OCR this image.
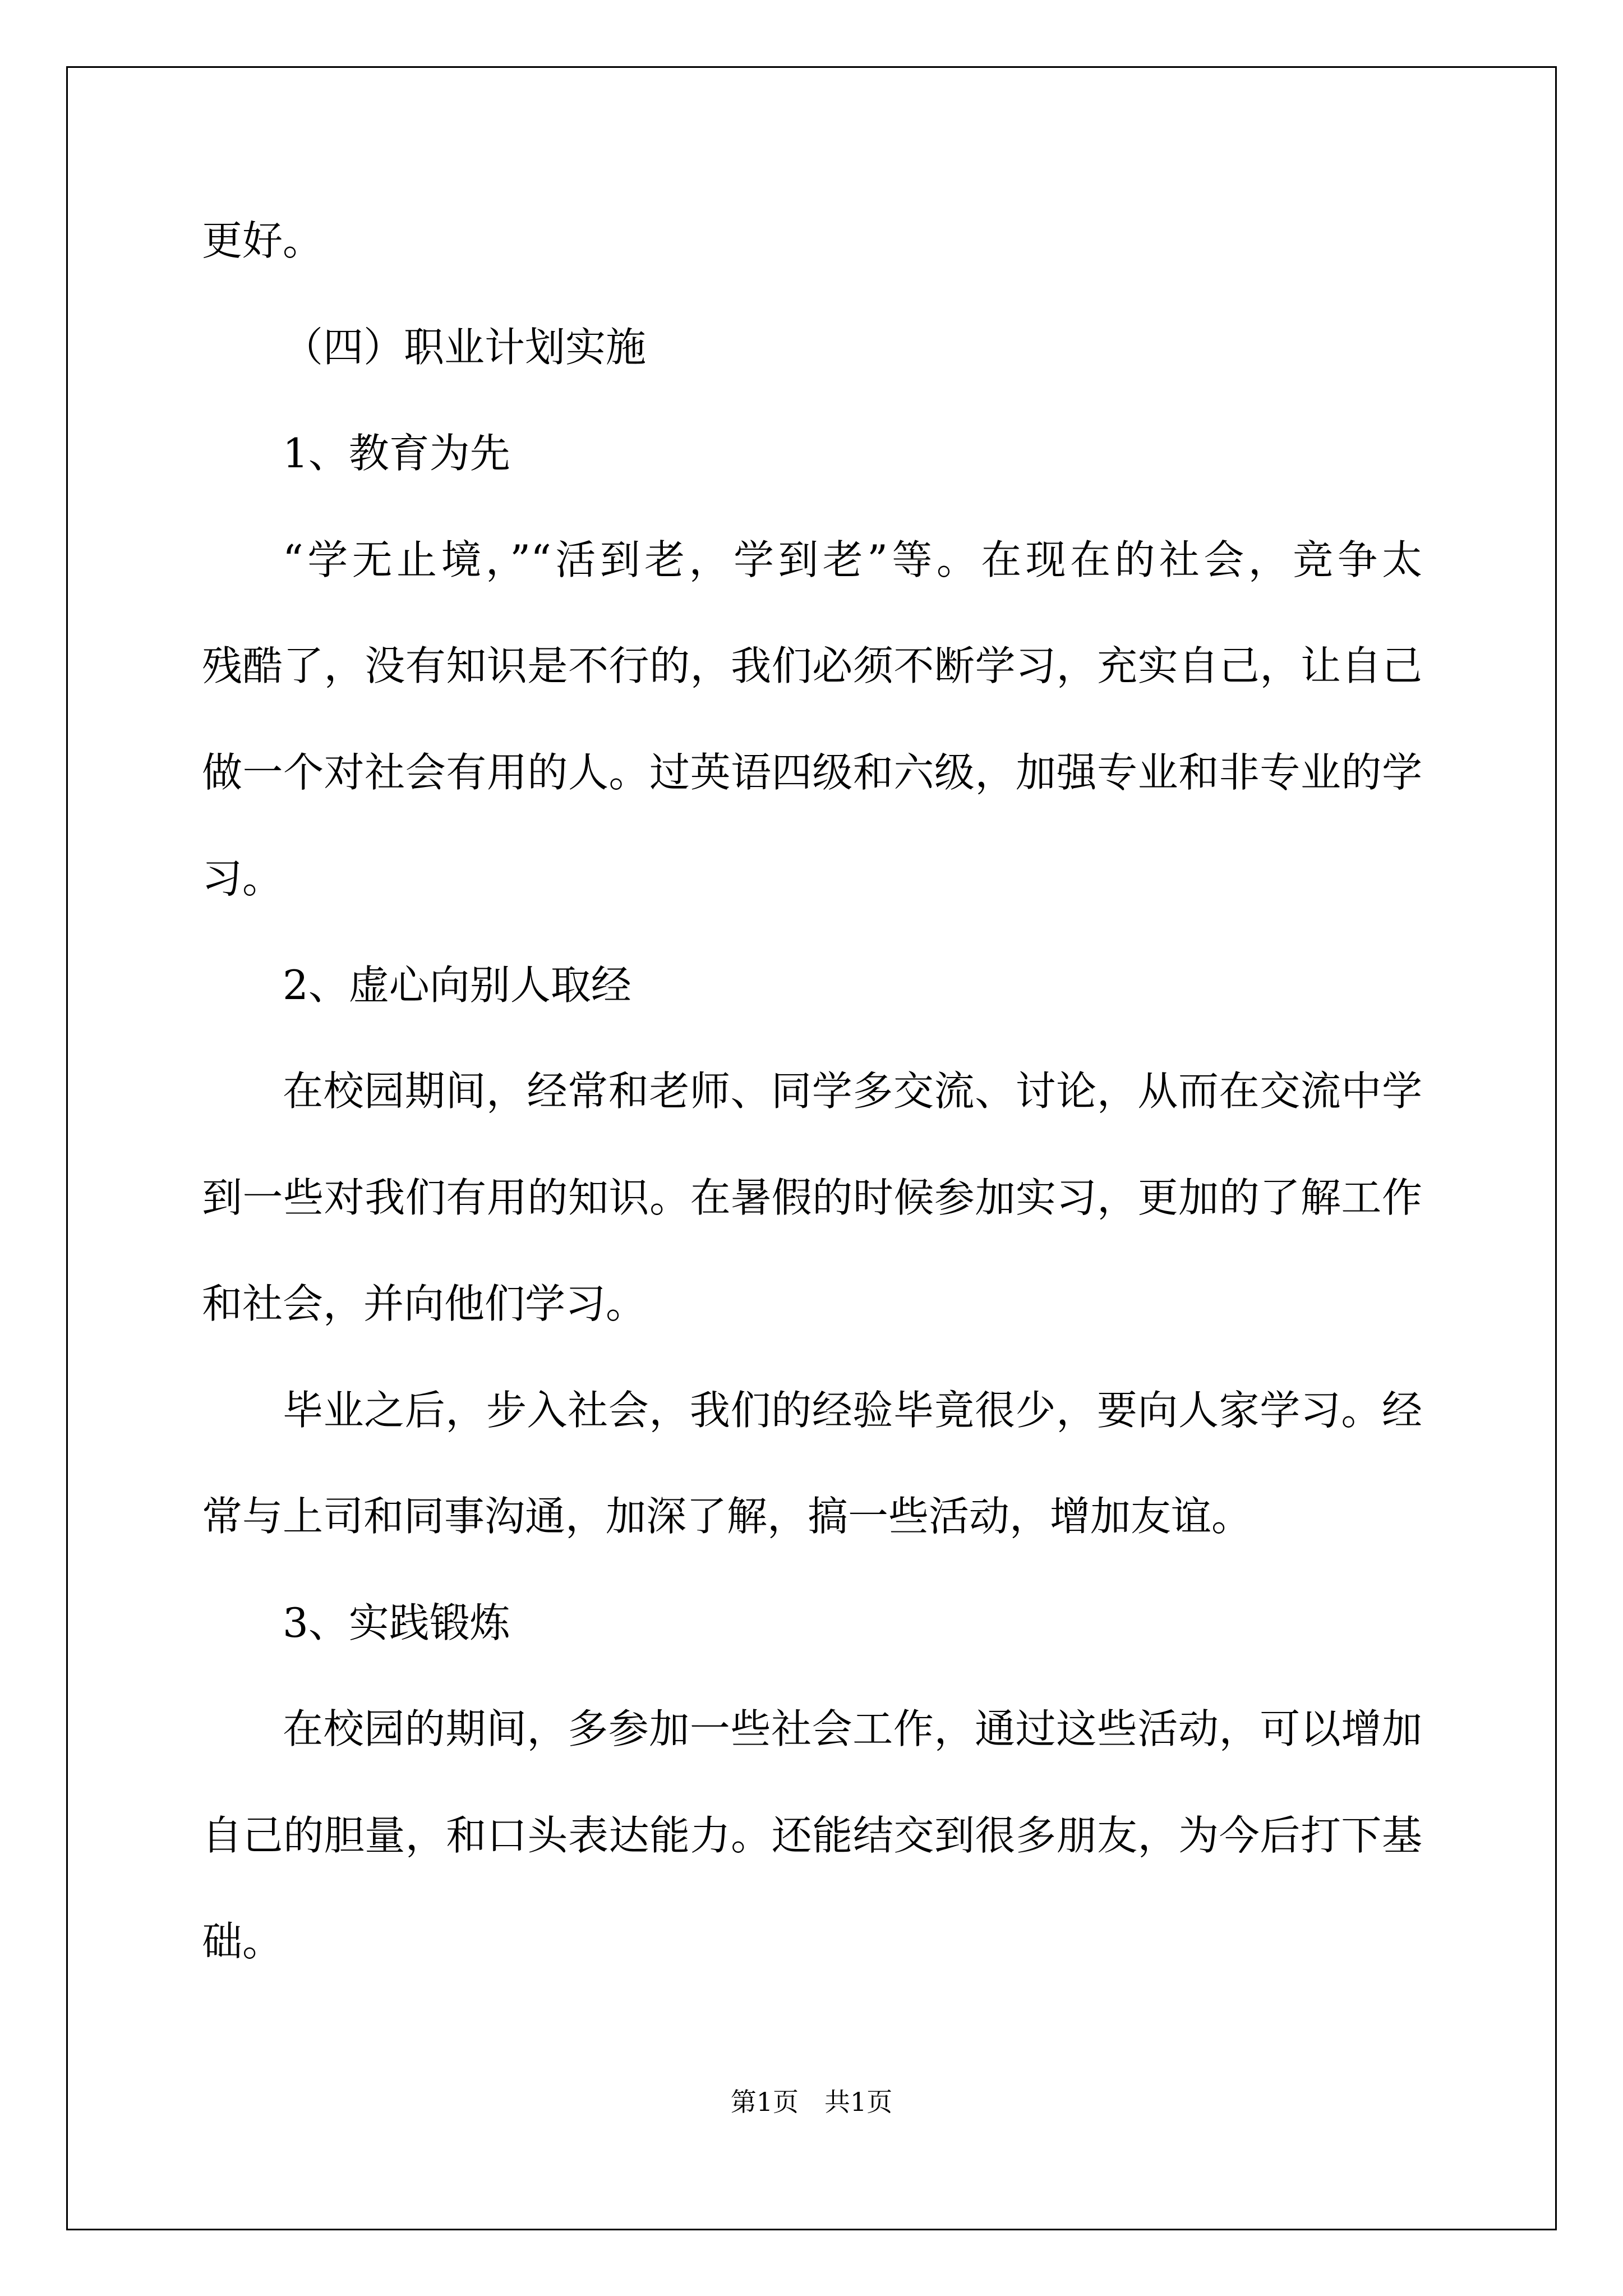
更好。
（四）职业计划实施
1、教育为先
“学无止境，”“活到老，学到老”等。在现在的社会，竞争太
残酷了，没有知识是不行的，我们必须不断学习，充实自己，让自己
做一个对社会有用的人。过英语四级和六级，加强专业和非专业的学
习。
2、虚心向别人取经
在校园期间，经常和老师、同学多交流、讨论，从而在交流中学
到一些对我们有用的知识。在暑假的时候参加实习，更加的了解工作
和社会，并向他们学习。
毕业之后，步入社会，我们的经验毕竟很少，要向人家学习。经
常与上司和同事沟通，加深了解，搞一些活动，增加友谊。
3、实践锻炼
在校园的期间，多参加一些社会工作，通过这些活动，可以增加
自己的胆量，和口头表达能力。还能结交到很多朋友，为今后打下基
础。
第1页　共1页
